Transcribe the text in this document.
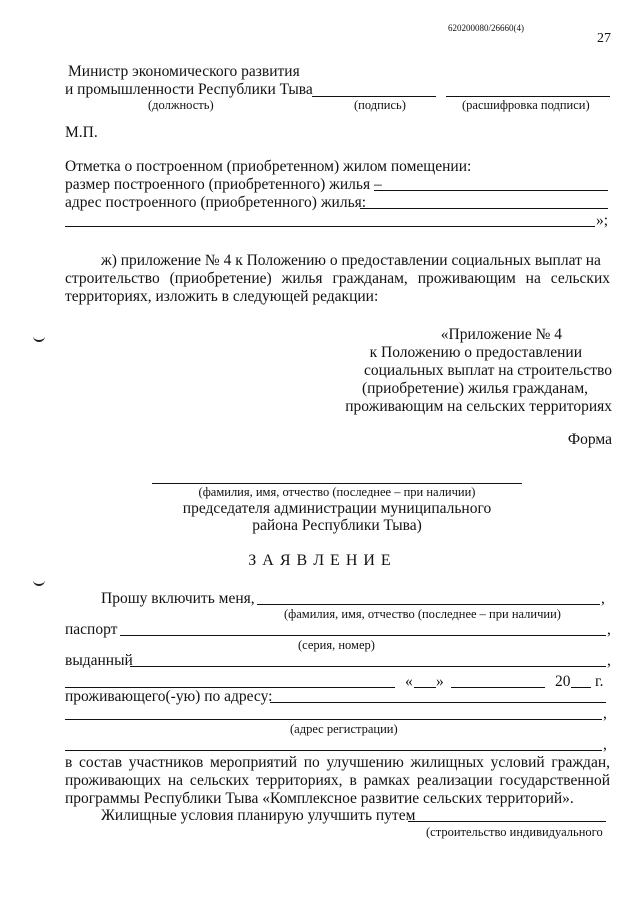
620200080/26660(4)
27
Министр экономического развития
и промышленности Республики Тыва
(должность)	(подпись)	(расшифровка подписи)
М.П.
Отметка о построенном (приобретенном) жилом помещении:
размер построенного (приобретенного) жилья –
адрес построенного (приобретенного) жилья:
»;
ж) приложение № 4 к Положению о предоставлении социальных выплат на
строительство (приобретение) жилья гражданам, проживающим на сельских территориях, изложить в следующей редакции:
«Приложение № 4
к Положению о предоставлении
социальных выплат на строительство
(приобретение) жилья гражданам,
проживающим на сельских территориях
Форма
(фамилия, имя, отчество (последнее – при наличии)
председателя администрации муниципального
района Республики Тыва)
З А Я В Л Е Н И Е
Прошу включить меня,	,
(фамилия, имя, отчество (последнее – при наличии)
паспорт	,
(серия, номер)
выданный	,
« »	20 г.
проживающего(-ую) по адресу:
,
(адрес регистрации)
,
в состав участников мероприятий по улучшению жилищных условий граждан, проживающих на сельских территориях, в рамках реализации государственной программы Республики Тыва «Комплексное развитие сельских территорий».
Жилищные условия планирую улучшить путем
(строительство индивидуального
